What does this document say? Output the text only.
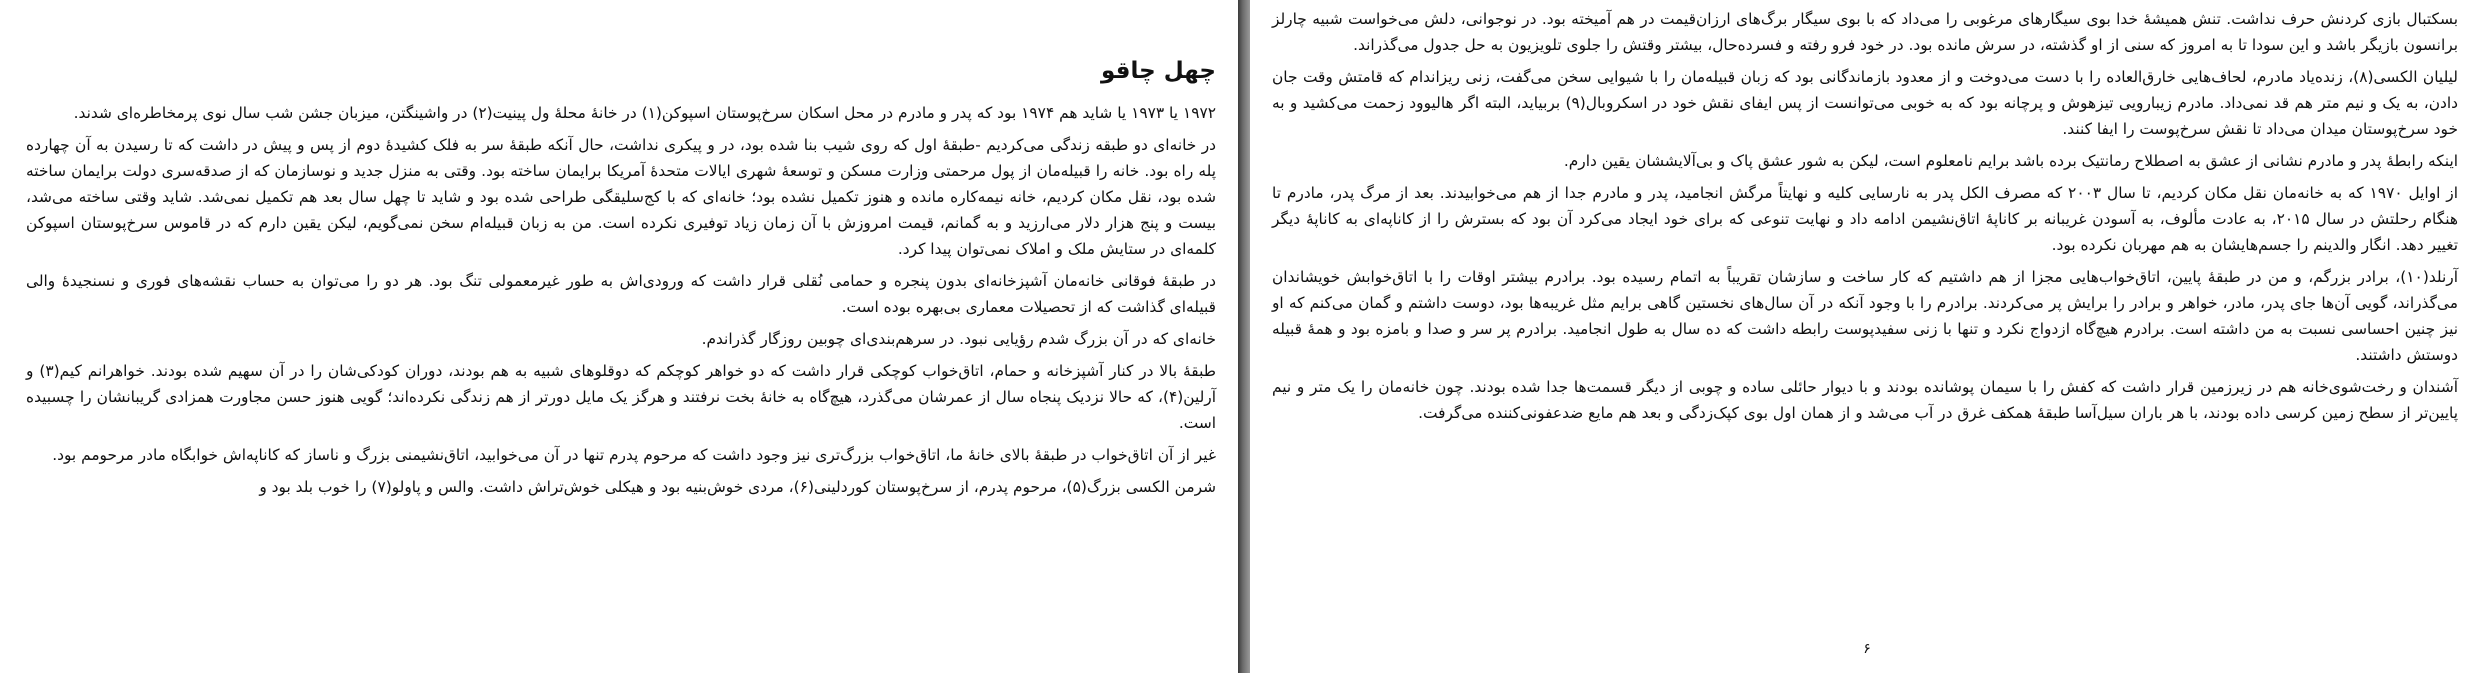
چهل چاقو

۱۹۷۲ یا ۱۹۷۳ یا شاید هم ۱۹۷۴ بود که پدر و مادرم در محل اسکان سرخ‌پوستان اسپوکن(۱) در خانهٔ محلهٔ ول پینیت(۲) در واشینگتن، میزبان جشن شب سال نوی پرمخاطره‌ای شدند.

در خانه‌ای دو طبقه زندگی می‌کردیم -طبقهٔ اول که روی شیب بنا شده بود، در و پیکری نداشت، حال آنکه طبقهٔ سر به فلک کشیدهٔ دوم از پس و پیش در داشت که تا رسیدن به آن چهارده پله راه بود. خانه را قبیله‌مان از پول مرحمتی وزارت مسکن و توسعهٔ شهری ایالات متحدهٔ آمریکا برایمان ساخته بود. وقتی به منزل جدید و نوسازمان که از صدقه‌سری دولت برایمان ساخته شده بود، نقل مکان کردیم، خانه نیمه‌کاره مانده و هنوز تکمیل نشده بود؛ خانه‌ای که با کج‌سلیقگی طراحی شده بود و شاید تا چهل سال بعد هم تکمیل نمی‌شد. شاید وقتی ساخته می‌شد، بیست و پنج هزار دلار می‌ارزید و به گمانم، قیمت امروزش با آن زمان زیاد توفیری نکرده است. من به زبان قبیله‌ام سخن نمی‌گویم، لیکن یقین دارم که در قاموس سرخ‌پوستان اسپوکن کلمه‌ای در ستایش ملک و املاک نمی‌توان پیدا کرد.

در طبقهٔ فوقانی خانه‌مان آشپزخانه‌ای بدون پنجره و حمامی نُقلی قرار داشت که ورودی‌اش به طور غیرمعمولی تنگ بود. هر دو را می‌توان به حساب نقشه‌های فوری و نسنجیدهٔ والی قبیله‌ای گذاشت که از تحصیلات معماری بی‌بهره بوده است.

خانه‌ای که در آن بزرگ شدم رؤیایی نبود. در سرهم‌بندی‌ای چوبین روزگار گذراندم.

طبقهٔ بالا در کنار آشپزخانه و حمام، اتاق‌خواب کوچکی قرار داشت که دو خواهر کوچکم که دوقلوهای شبیه به هم بودند، دوران کودکی‌شان را در آن سهیم شده بودند. خواهرانم کیم(۳) و آرلین(۴)، که حالا نزدیک پنجاه سال از عمرشان می‌گذرد، هیچ‌گاه به خانهٔ بخت نرفتند و هرگز یک مایل دورتر از هم زندگی نکرده‌اند؛ گویی هنوز حسن مجاورت همزادی گریبانشان را چسبیده است.

غیر از آن اتاق‌خواب در طبقهٔ بالای خانهٔ ما، اتاق‌خواب بزرگ‌تری نیز وجود داشت که مرحوم پدرم تنها در آن می‌خوابید، اتاق‌نشیمنی بزرگ و ناساز که کاناپه‌اش خوابگاه مادر مرحومم بود.

شرمن الکسی بزرگ(۵)، مرحوم پدرم، از سرخ‌پوستان کوردلینی(۶)، مردی خوش‌بنیه بود و هیکلی خوش‌تراش داشت. والس و پاولو(۷) را خوب بلد بود و

بسکتبال بازی کردنش حرف نداشت. تنش همیشهٔ خدا بوی سیگارهای مرغوبی را می‌داد که با بوی سیگار برگ‌های ارزان‌قیمت در هم آمیخته بود. در نوجوانی، دلش می‌خواست شبیه چارلز برانسون بازیگر باشد و این سودا تا به امروز که سنی از او گذشته، در سرش مانده بود. در خود فرو رفته و فسرده‌حال، بیشتر وقتش را جلوی تلویزیون به حل جدول می‌گذراند.

لیلیان الکسی(۸)، زنده‌یاد مادرم، لحاف‌هایی خارق‌العاده را با دست می‌دوخت و از معدود بازماندگانی بود که زبان قبیله‌مان را با شیوایی سخن می‌گفت، زنی ریزاندام که قامتش وقت جان دادن، به یک و نیم متر هم قد نمی‌داد. مادرم زیبارویی تیزهوش و پرچانه بود که به خوبی می‌توانست از پس ایفای نقش خود در اسکروبال(۹) بربیاید، البته اگر هالیوود زحمت می‌کشید و به خود سرخ‌پوستان میدان می‌داد تا نقش سرخ‌پوست را ایفا کنند.

اینکه رابطهٔ پدر و مادرم نشانی از عشق به اصطلاح رمانتیک برده باشد برایم نامعلوم است، لیکن به شور عشق پاک و بی‌آلایششان یقین دارم.

از اوایل ۱۹۷۰ که به خانه‌مان نقل مکان کردیم، تا سال ۲۰۰۳ که مصرف الکل پدر به نارسایی کلیه و نهایتاً مرگش انجامید، پدر و مادرم جدا از هم می‌خوابیدند. بعد از مرگ پدر، مادرم تا هنگام رحلتش در سال ۲۰۱۵، به عادت مألوف، به آسودن غریبانه بر کاناپهٔ اتاق‌نشیمن ادامه داد و نهایت تنوعی که برای خود ایجاد می‌کرد آن بود که بسترش را از کاناپه‌ای به کاناپهٔ دیگر تغییر دهد. انگار والدینم را جسم‌هایشان به هم مهربان نکرده بود.

آرنلد(۱۰)، برادر بزرگم، و من در طبقهٔ پایین، اتاق‌خواب‌هایی مجزا از هم داشتیم که کار ساخت و سازشان تقریباً به اتمام رسیده بود. برادرم بیشتر اوقات را با اتاق‌خوابش خویشاندان می‌گذراند، گویی آن‌ها جای پدر، مادر، خواهر و برادر را برایش پر می‌کردند. برادرم را با وجود آنکه در آن سال‌های نخستین گاهی برایم مثل غریبه‌ها بود، دوست داشتم و گمان می‌کنم که او نیز چنین احساسی نسبت به من داشته است. برادرم هیچ‌گاه ازدواج نکرد و تنها با زنی سفیدپوست رابطه داشت که ده سال به طول انجامید. برادرم پر سر و صدا و بامزه بود و همهٔ قبیله دوستش داشتند.

آشندان و رخت‌شوی‌خانه هم در زیرزمین قرار داشت که کفش را با سیمان پوشانده بودند و با دیوار حائلی ساده و چوبی از دیگر قسمت‌ها جدا شده بودند. چون خانه‌مان را یک متر و نیم پایین‌تر از سطح زمین کرسی داده بودند، با هر باران سیل‌آسا طبقهٔ همکف غرق در آب می‌شد و از همان اول بوی کپک‌زدگی و بعد هم مایع ضدعفونی‌کننده می‌گرفت.

۶
